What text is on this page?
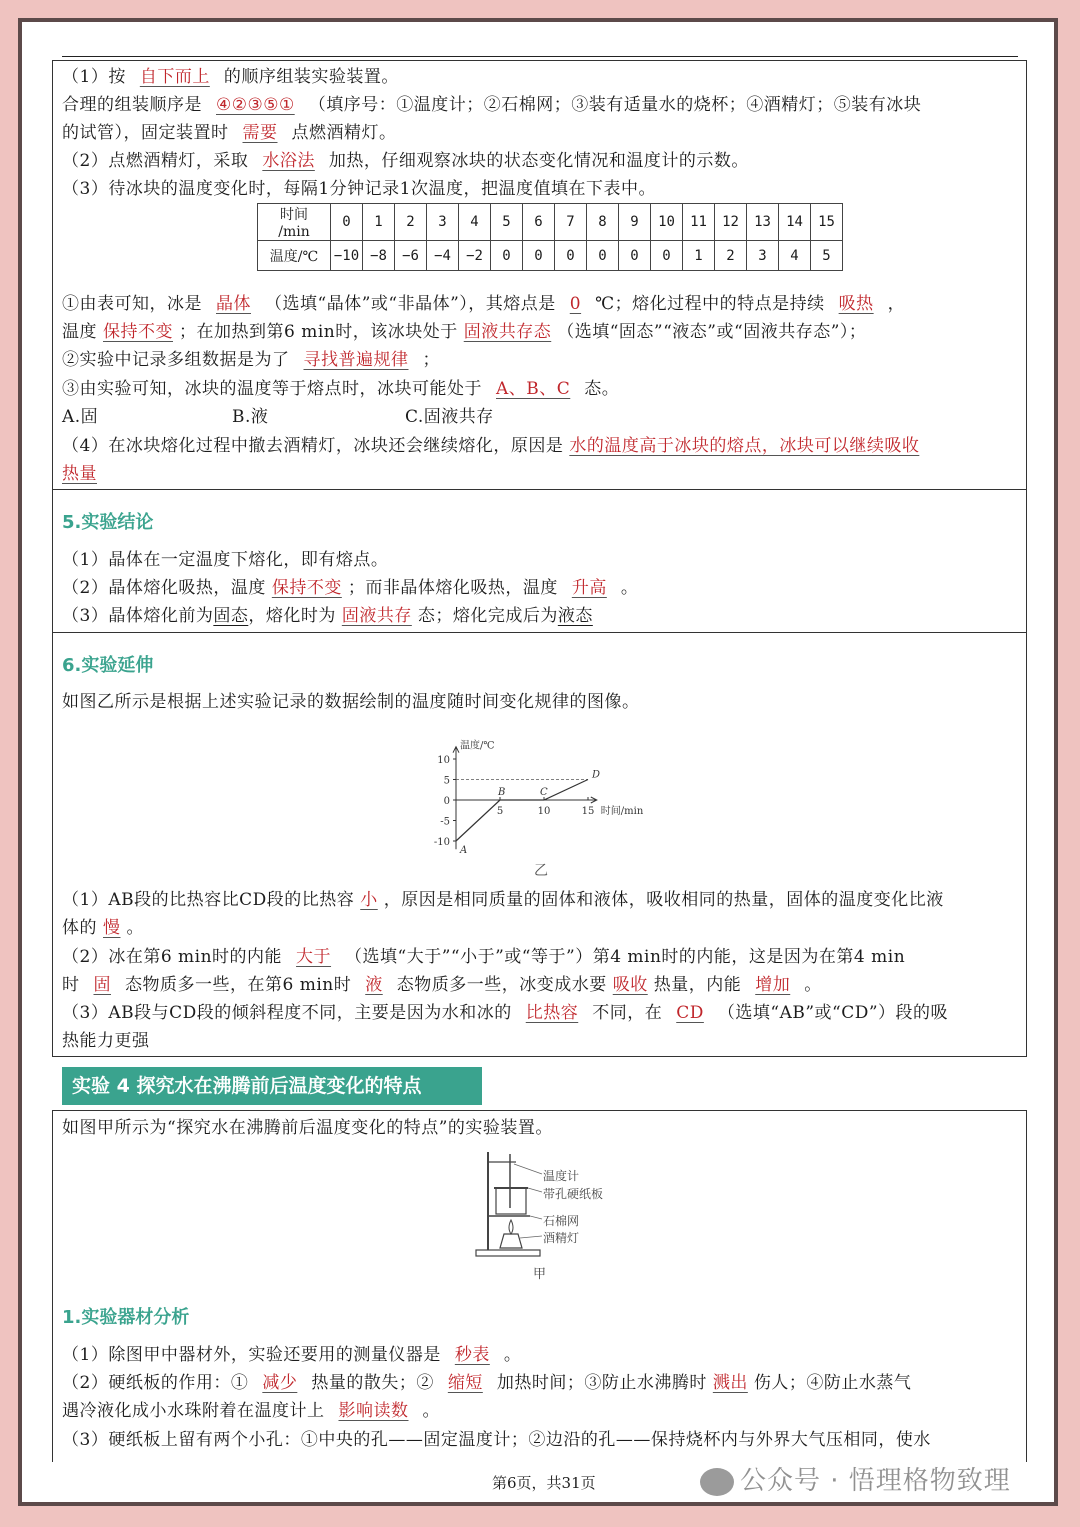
（1）按 自下而上 的顺序组装实验装置。
合理的组装顺序是 ④②③⑤① （填序号：①温度计；②石棉网；③装有适量水的烧杯；④酒精灯；⑤装有冰块
的试管），固定装置时 需要 点燃酒精灯。
（2）点燃酒精灯，采取 水浴法 加热，仔细观察冰块的状态变化情况和温度计的示数。
（3）待冰块的温度变化时，每隔1分钟记录1次温度，把温度值填在下表中。
时间
/min	0	1	2	3	4	5	6	7	8	9	10	11	12	13	14	15
温度/℃	−10	−8	−6	−4	−2	0	0	0	0	0	0	1	2	3	4	5
①由表可知，冰是 晶体 （选填“晶体”或“非晶体”），其熔点是 0 ℃；熔化过程中的特点是持续 吸热 ，
温度 保持不变 ；在加热到第6 min时，该冰块处于 固液共存态 （选填“固态”“液态”或“固液共存态”）；
②实验中记录多组数据是为了 寻找普遍规律 ；
③由实验可知，冰块的温度等于熔点时，冰块可能处于 A、B、C 态。
A.固	B.液	C.固液共存
（4）在冰块熔化过程中撤去酒精灯，冰块还会继续熔化，原因是 水的温度高于冰块的熔点，冰块可以继续吸收
热量
5.实验结论
（1）晶体在一定温度下熔化，即有熔点。
（2）晶体熔化吸热，温度 保持不变 ；而非晶体熔化吸热，温度 升高 。
（3）晶体熔化前为固态，熔化时为 固液共存 态；熔化完成后为液态
6.实验延伸
如图乙所示是根据上述实验记录的数据绘制的温度随时间变化规律的图像。
温度/℃
时间/min
10
5
0
-5
-10
5	10	15
A
B	C
D
乙
（1）AB段的比热容比CD段的比热容 小 ，原因是相同质量的固体和液体，吸收相同的热量，固体的温度变化比液
体的 慢 。
（2）冰在第6 min时的内能 大于 （选填“大于”“小于”或“等于”）第4 min时的内能，这是因为在第4 min
时 固 态物质多一些，在第6 min时 液 态物质多一些，冰变成水要 吸收 热量，内能 增加 。
（3）AB段与CD段的倾斜程度不同，主要是因为水和冰的 比热容 不同，在 CD （选填“AB”或“CD”）段的吸
热能力更强
实验 4 探究水在沸腾前后温度变化的特点
如图甲所示为“探究水在沸腾前后温度变化的特点”的实验装置。
温度计
带孔硬纸板
石棉网
酒精灯
甲
1.实验器材分析
（1）除图甲中器材外，实验还要用的测量仪器是 秒表 。
（2）硬纸板的作用：① 减少 热量的散失；② 缩短 加热时间；③防止水沸腾时 溅出 伤人；④防止水蒸气
遇冷液化成小水珠附着在温度计上 影响读数 。
（3）硬纸板上留有两个小孔：①中央的孔——固定温度计；②边沿的孔——保持烧杯内与外界大气压相同，使水
第6页，共31页	公众号 · 悟理格物致理
